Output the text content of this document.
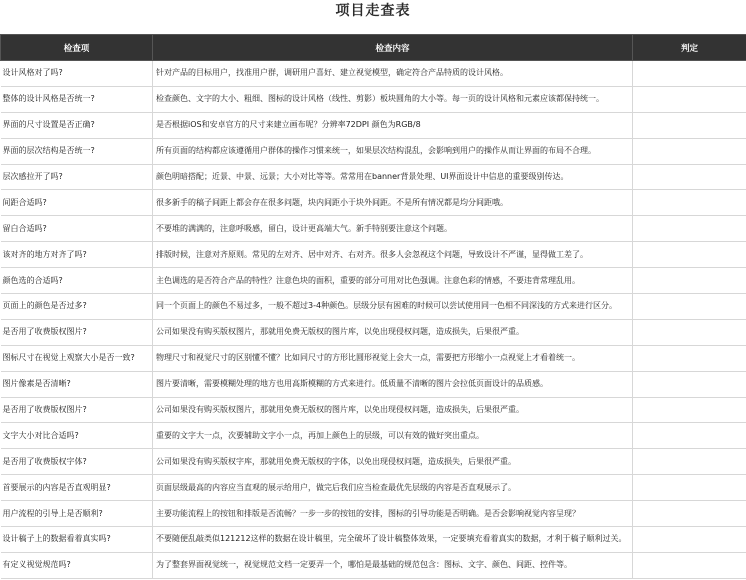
项目走查表
检查项	检查内容	判定
设计风格对了吗?	针对产品的目标用户，找准用户群，调研用户喜好、建立视觉模型，确定符合产品特质的设计风格。	
整体的设计风格是否统一?	检查颜色、文字的大小、粗细、图标的设计风格（线性、剪影）板块圆角的大小等。每一页的设计风格和元素应该都保持统一。	
界面的尺寸设置是否正确?	是否根据iOS和安卓官方的尺寸来建立画布呢？分辨率72DPI 颜色为RGB/8	
界面的层次结构是否统一?	所有页面的结构都应该遵循用户群体的操作习惯来统一，如果层次结构混乱，会影响到用户的操作从而让界面的布局不合理。	
层次感拉开了吗?	颜色明暗搭配；近景、中景、远景；大小对比等等。常常用在banner背景处理、UI界面设计中信息的重要级别传达。	
间距合适吗?	很多新手的稿子间距上都会存在很多问题，块内间距小于块外间距。不是所有情况都是均分间距哦。	
留白合适吗?	不要堆的满满的，注意呼吸感，留白，设计更高端大气。新手特别要注意这个问题。	
该对齐的地方对齐了吗?	排版时候，注意对齐原则。常见的左对齐、居中对齐、右对齐。很多人会忽视这个问题，导致设计不严谨，显得做工差了。	
颜色选的合适吗?	主色调选的是否符合产品的特性？注意色块的面积，重要的部分可用对比色强调。注意色彩的情感，不要违背常理乱用。	
页面上的颜色是否过多?	同一个页面上的颜色不易过多，一般不超过3-4种颜色。层级分层有困难的时候可以尝试使用同一色相不同深浅的方式来进行区分。	
是否用了收费版权图片?	公司如果没有购买版权图片，那就用免费无版权的图片库，以免出现侵权问题，造成损失，后果很严重。	
图标尺寸在视觉上观察大小是否一致?	物理尺寸和视觉尺寸的区别懂不懂？比如同尺寸的方形比圆形视觉上会大一点，需要把方形缩小一点视觉上才看着统一。	
图片像素是否清晰?	图片要清晰，需要模糊处理的地方也用高斯模糊的方式来进行。低质量不清晰的图片会拉低页面设计的品质感。	
是否用了收费版权图片?	公司如果没有购买版权图片，那就用免费无版权的图片库，以免出现侵权问题，造成损失，后果很严重。	
文字大小对比合适吗?	重要的文字大一点，次要辅助文字小一点，再加上颜色上的层级，可以有效的做好突出重点。	
是否用了收费版权字体?	公司如果没有购买版权字库，那就用免费无版权的字体，以免出现侵权问题，造成损失，后果很严重。	
首要展示的内容是否直观明显?	页面层级最高的内容应当直观的展示给用户，做完后我们应当检查最优先层级的内容是否直观展示了。	
用户流程的引导上是否顺利?	主要功能流程上的按钮和排版是否流畅？一步一步的按钮的安排，图标的引导功能是否明确。是否会影响视觉内容呈现？	
设计稿子上的数据看着真实吗?	不要随便乱敲类似121212这样的数据在设计稿里，完全破坏了设计稿整体效果，一定要填充看着真实的数据，才利于稿子顺利过关。	
有定义视觉规范吗?	为了整套界面视觉统一，视觉规范文档一定要弄一个，哪怕是最基础的规范包含：图标、文字、颜色、间距、控件等。	
